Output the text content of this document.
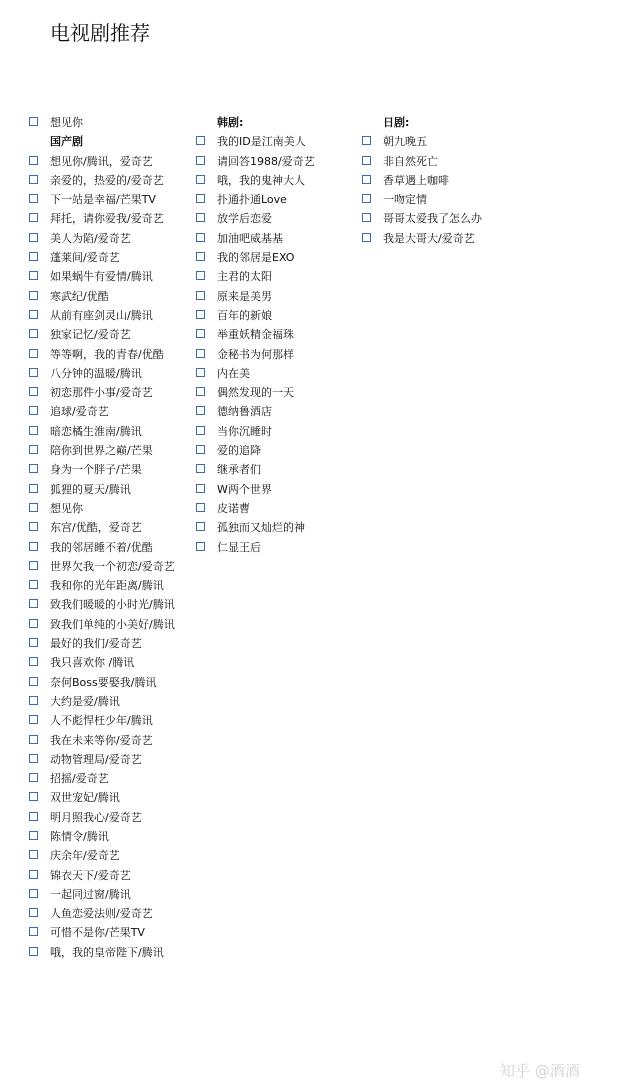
电视剧推荐
想见你
国产剧
想见你/腾讯，爱奇艺
亲爱的，热爱的/爱奇艺
下一站是幸福/芒果TV
拜托，请你爱我/爱奇艺
美人为陷/爱奇艺
蓬莱间/爱奇艺
如果蜗牛有爱情/腾讯
寒武纪/优酷
从前有座剑灵山/腾讯
独家记忆/爱奇艺
等等啊，我的青春/优酷
八分钟的温暖/腾讯
初恋那件小事/爱奇艺
追球/爱奇艺
暗恋橘生淮南/腾讯
陪你到世界之巅/芒果
身为一个胖子/芒果
狐狸的夏天/腾讯
想见你
东宫/优酷，爱奇艺
我的邻居睡不着/优酷
世界欠我一个初恋/爱奇艺
我和你的光年距离/腾讯
致我们暖暖的小时光/腾讯
致我们单纯的小美好/腾讯
最好的我们/爱奇艺
我只喜欢你 /腾讯
奈何Boss要娶我/腾讯
大约是爱/腾讯
人不彪悍枉少年/腾讯
我在未来等你/爱奇艺
动物管理局/爱奇艺
招摇/爱奇艺
双世宠妃/腾讯
明月照我心/爱奇艺
陈情令/腾讯
庆余年/爱奇艺
锦衣天下/爱奇艺
一起同过窗/腾讯
人鱼恋爱法则/爱奇艺
可惜不是你/芒果TV
哦，我的皇帝陛下/腾讯
韩剧:
我的ID是江南美人
请回答1988/爱奇艺
哦，我的鬼神大人
扑通扑通Love
放学后恋爱
加油吧威基基
我的邻居是EXO
主君的太阳
原来是美男
百年的新娘
举重妖精金福珠
金秘书为何那样
内在美
偶然发现的一天
德纳鲁酒店
当你沉睡时
爱的追降
继承者们
W两个世界
皮诺曹
孤独而又灿烂的神
仁显王后
日剧:
朝九晚五
非自然死亡
香草遇上咖啡
一吻定情
哥哥太爱我了怎么办
我是大哥大/爱奇艺
知乎 @酒酒
